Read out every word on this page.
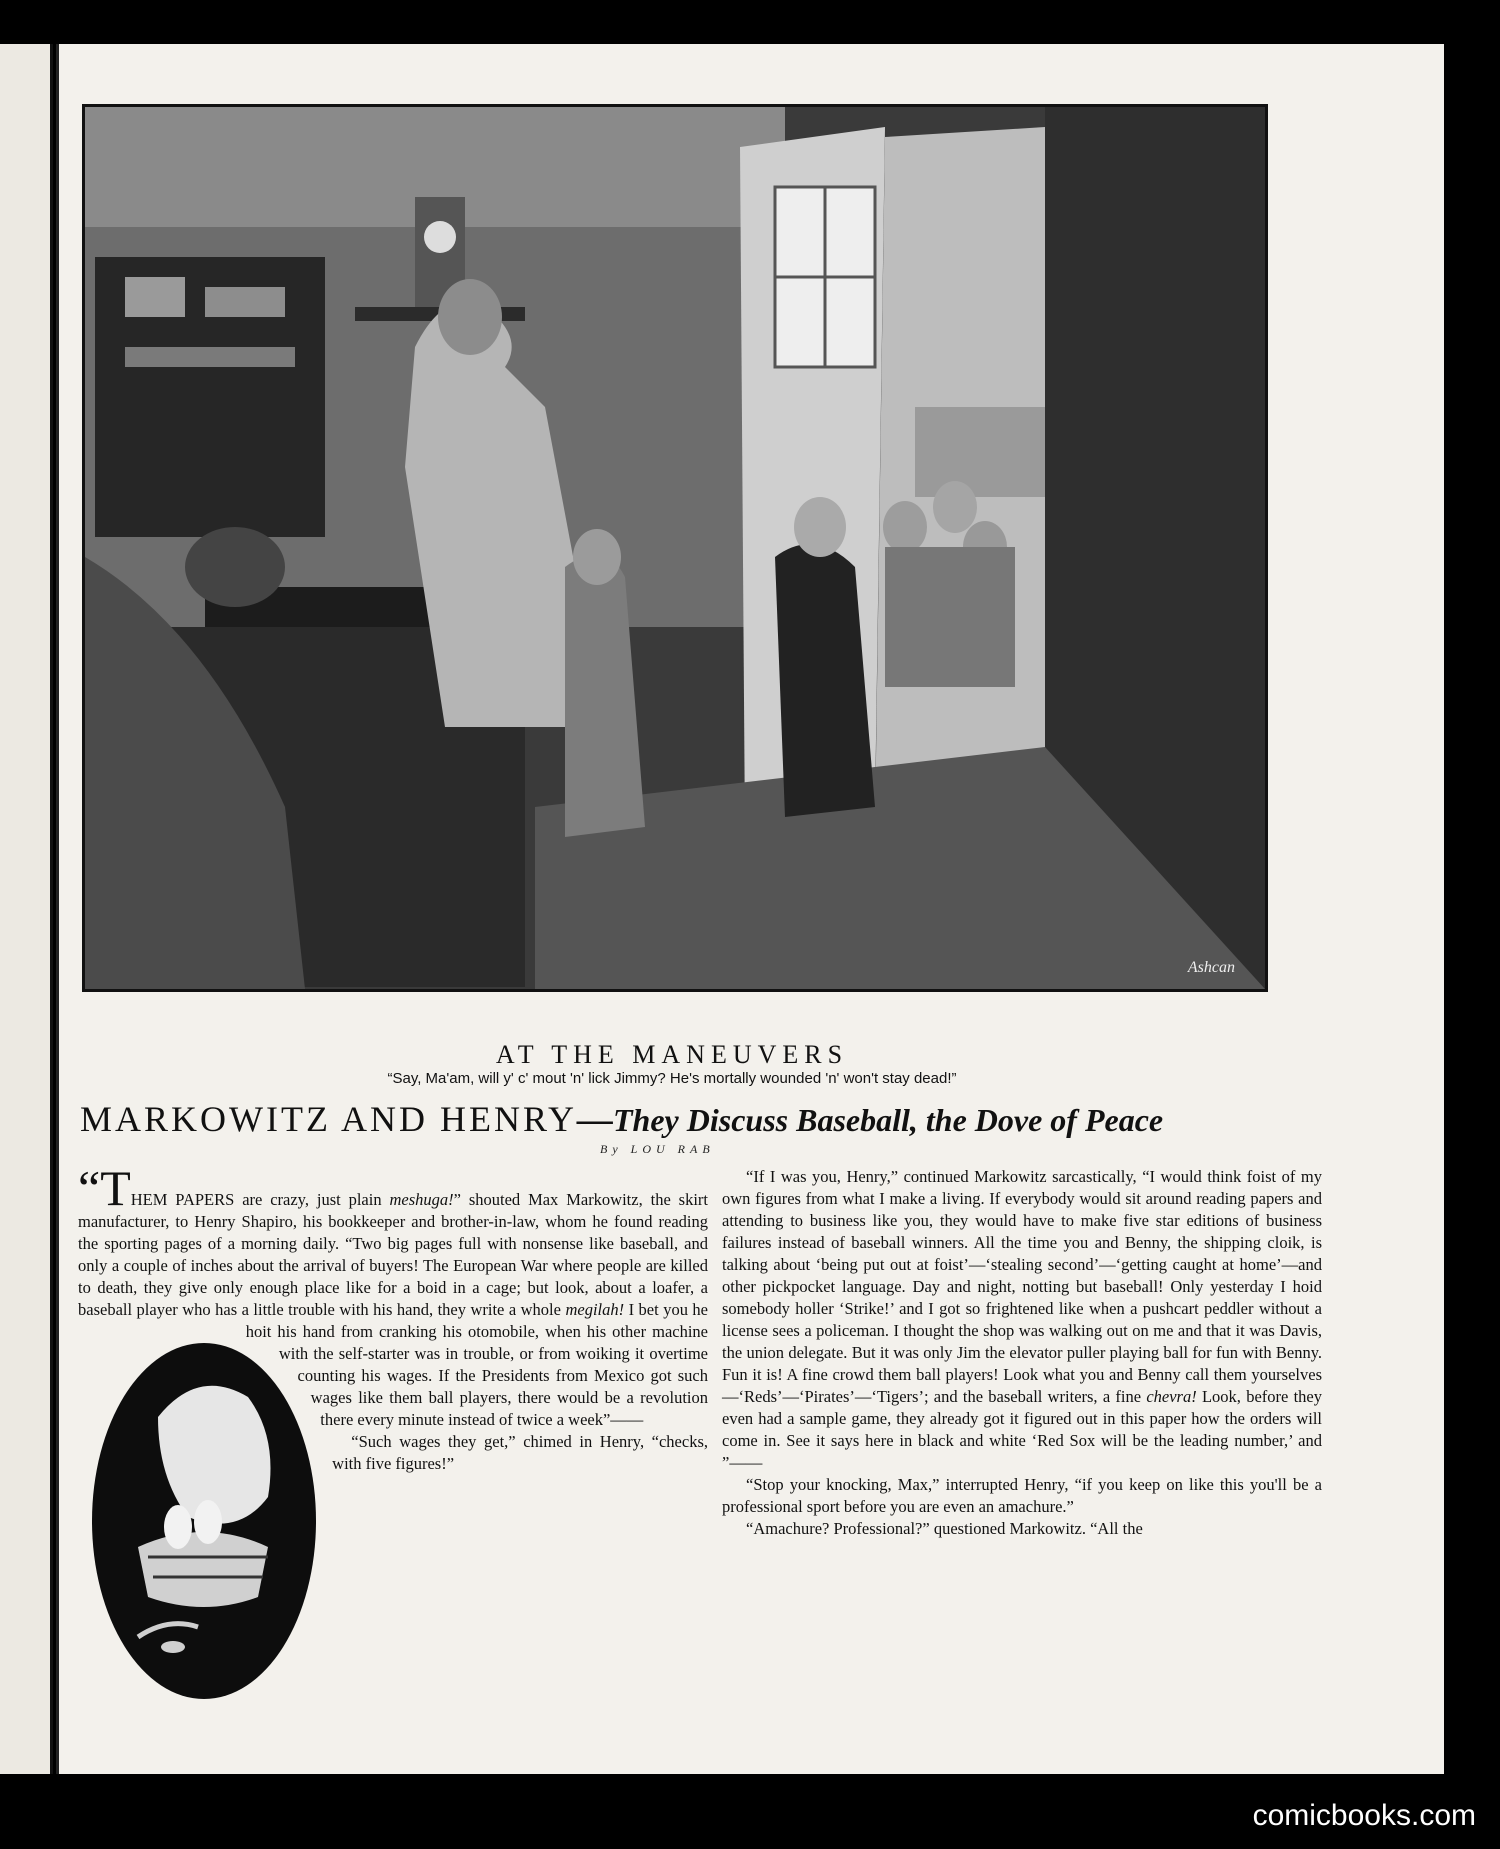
Ashcan
AT THE MANEUVERS
“Say, Ma'am, will y' c' mout 'n' lick Jimmy? He's mortally wounded 'n' won't stay dead!”
MARKOWITZ AND HENRY—They Discuss Baseball, the Dove of Peace
By LOU RAB

“THEM PAPERS are crazy, just plain meshuga!” shouted Max Markowitz, the skirt manufacturer, to Henry Shapiro, his bookkeeper and brother-in-law, whom he found reading the sporting pages of a morning daily. “Two big pages full with nonsense like baseball, and only a couple of inches about the arrival of buyers! The European War where people are killed to death, they give only enough place like for a boid in a cage; but look, about a loafer, a baseball player who has a little trouble with his hand, they write a whole
megilah! I bet you he hoit his hand from cranking his otomobile, when his other machine with the self-starter was in trouble, or from woiking it overtime counting his wages. If the Presidents from Mexico got such wages like them ball players, there would be a revolution there every minute instead of twice a week”——

“Such wages they get,” chimed in Henry, “checks, with five figures!”

“If I was you, Henry,” continued Markowitz sarcastically, “I would think foist of my own figures from what I make a living. If everybody would sit around reading papers and attending to business like you, they would have to make five star editions of business failures instead of baseball winners. All the time you and Benny, the shipping cloik, is talking about ‘being put out at foist’—‘stealing second’—‘getting caught at home’—and other pickpocket language. Day and night, notting but baseball! Only yesterday I hoid somebody holler ‘Strike!’ and I got so frightened like when a pushcart peddler without a license sees a policeman. I thought the shop was walking out on me and that it was Davis, the union delegate. But it was only Jim the elevator puller playing ball for fun with Benny. Fun it is! A fine crowd them ball players! Look what you and Benny call them yourselves—‘Reds’—‘Pirates’—‘Tigers’; and the baseball writers, a fine chevra! Look, before they even had a sample game, they already got it figured out in this paper how the orders will come in. See it says here in black and white ‘Red Sox will be the leading number,’ and ”——

“Stop your knocking, Max,” interrupted Henry, “if you keep on like this you'll be a professional sport before you are even an amachure.”

“Amachure? Professional?” questioned Markowitz. “All the

comicbooks.com
